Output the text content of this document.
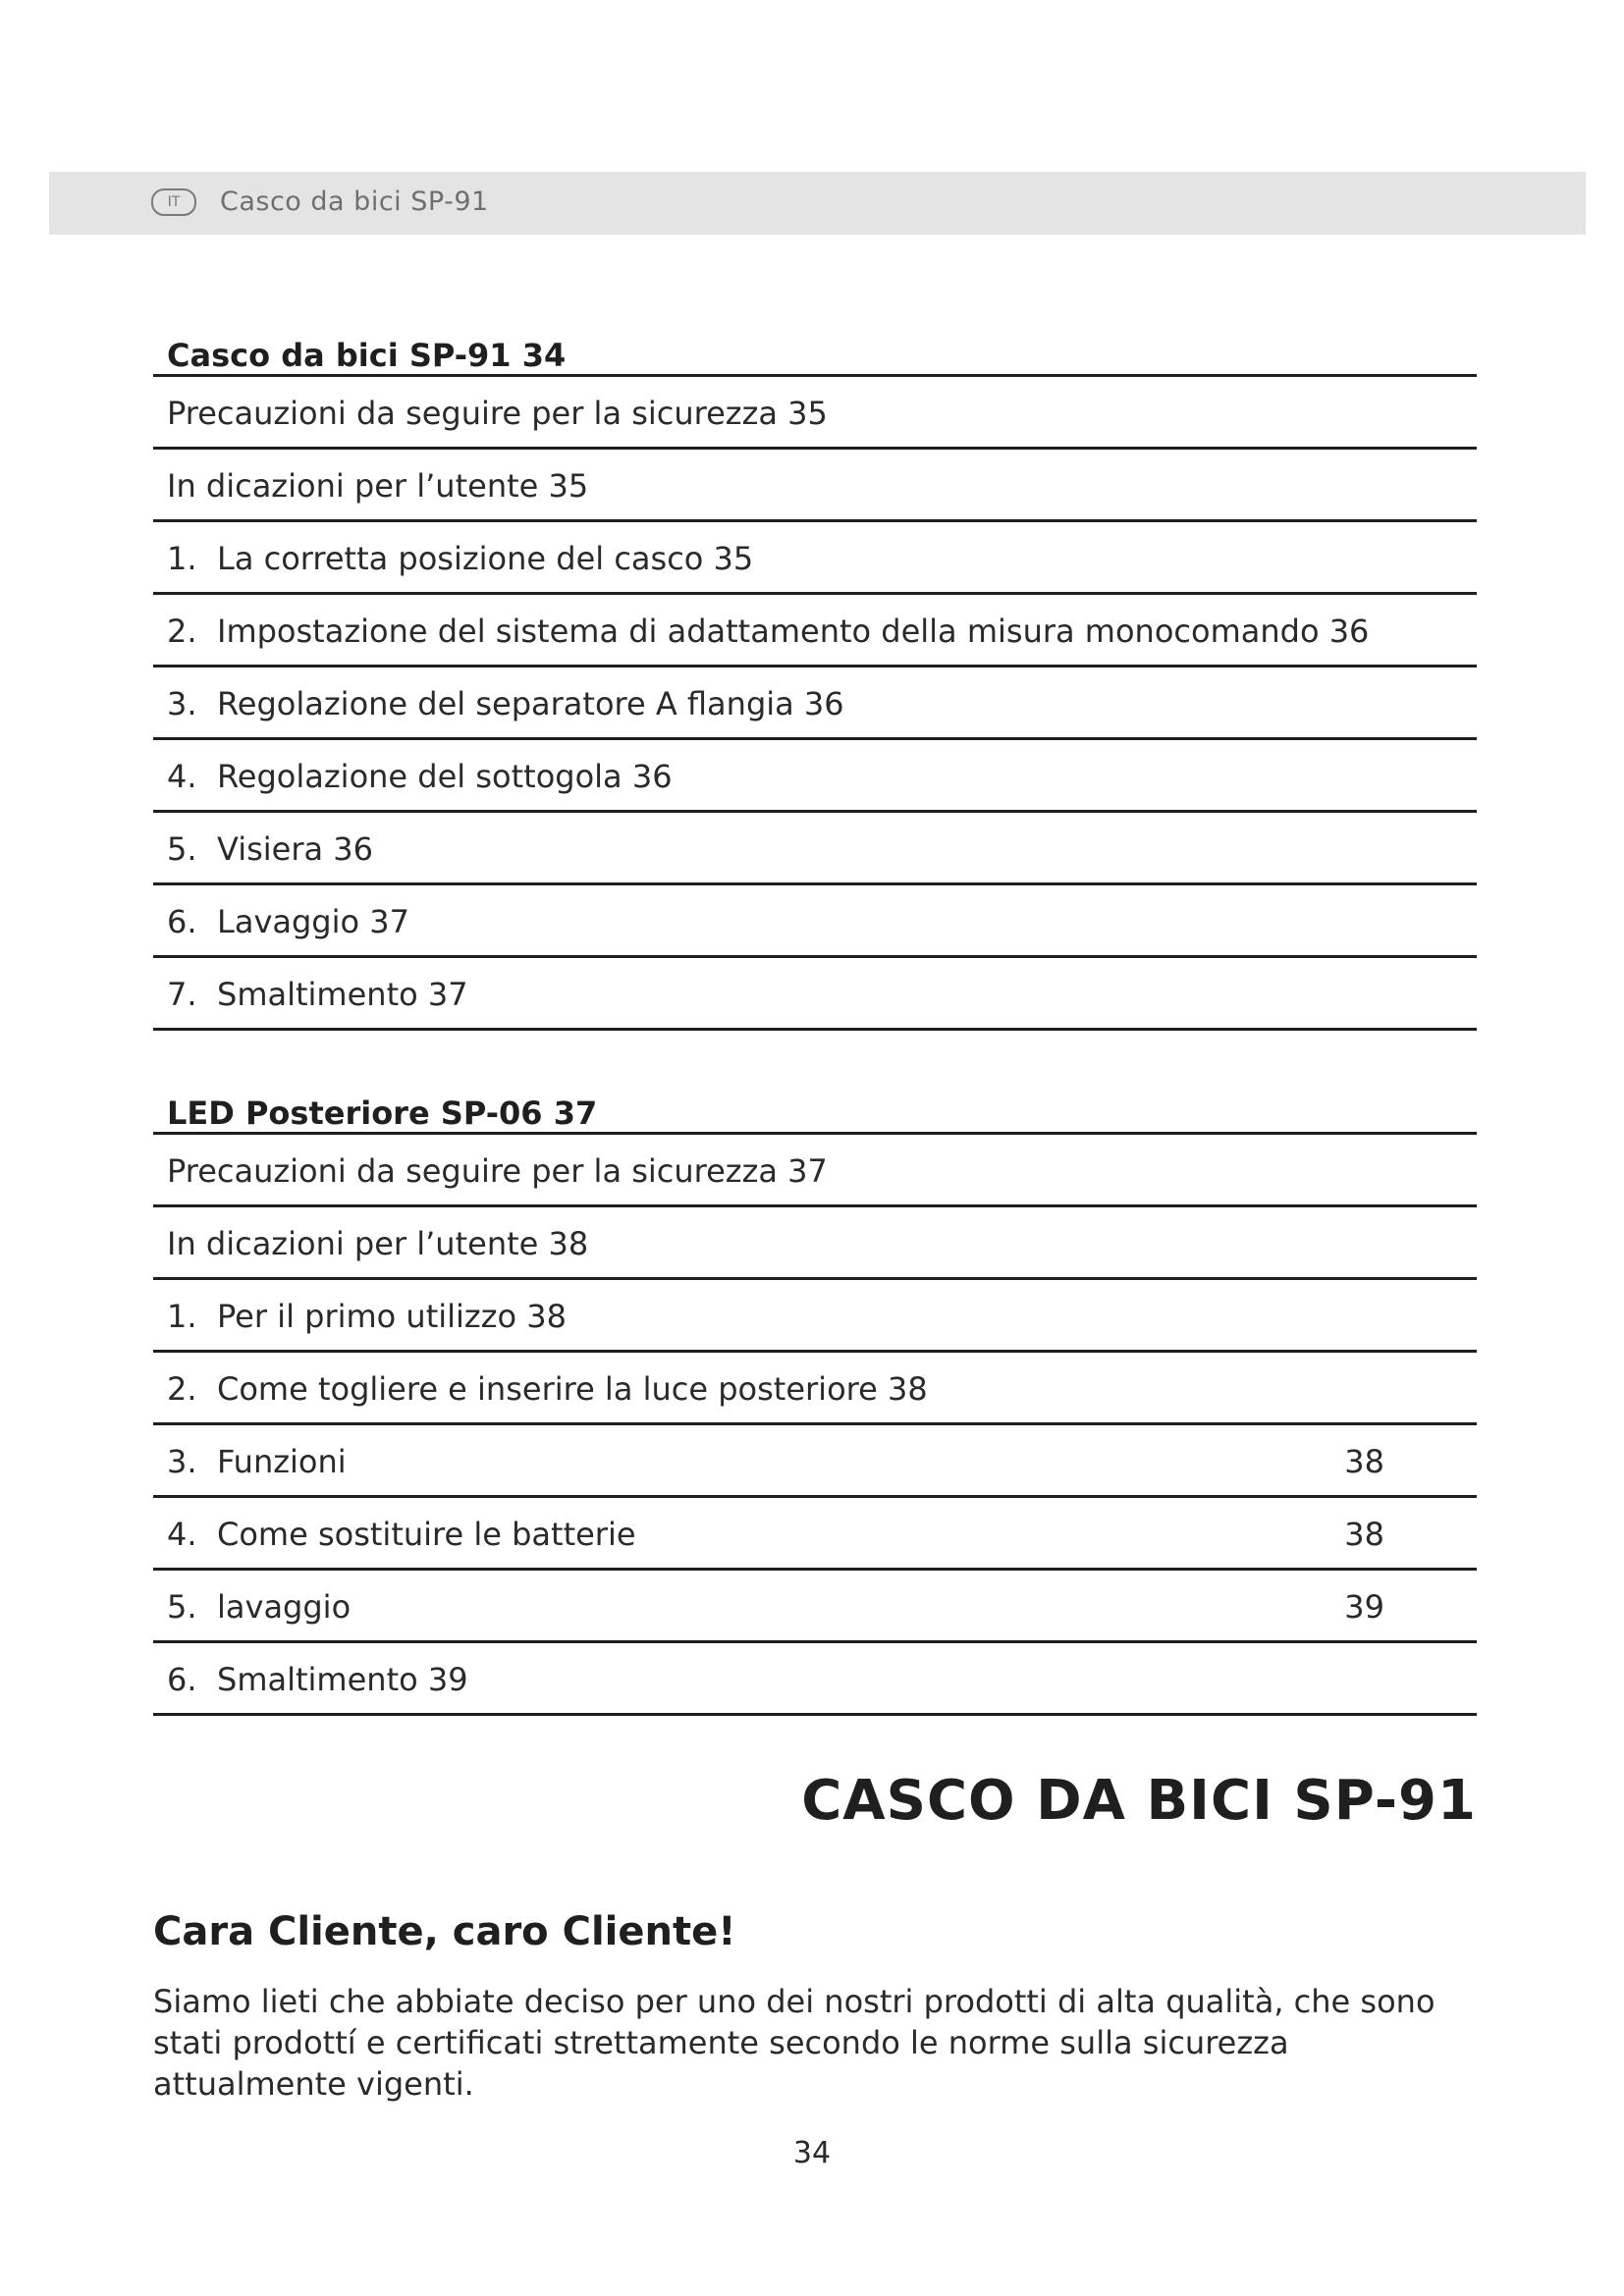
IT	Casco da bici SP-91
Casco da bici SP-91 34
Precauzioni da seguire per la sicurezza 35
In dicazioni per l’utente 35
1. La corretta posizione del casco 35
2. Impostazione del sistema di adattamento della misura monocomando 36
3. Regolazione del separatore A flangia 36
4. Regolazione del sottogola 36
5. Visiera 36
6. Lavaggio 37
7. Smaltimento 37
LED Posteriore SP-06 37
Precauzioni da seguire per la sicurezza 37
In dicazioni per l’utente 38
1. Per il primo utilizzo 38
2. Come togliere e inserire la luce posteriore 38
3. Funzioni	38
4. Come sostituire le batterie	38
5. lavaggio	39
6. Smaltimento 39
CASCO DA BICI SP-91
Cara Cliente, caro Cliente!

Siamo lieti che abbiate deciso per uno dei nostri prodotti di alta qualità, che sono stati prodottí e certificati strettamente secondo le norme sulla sicurezza attualmente vigenti.

34
